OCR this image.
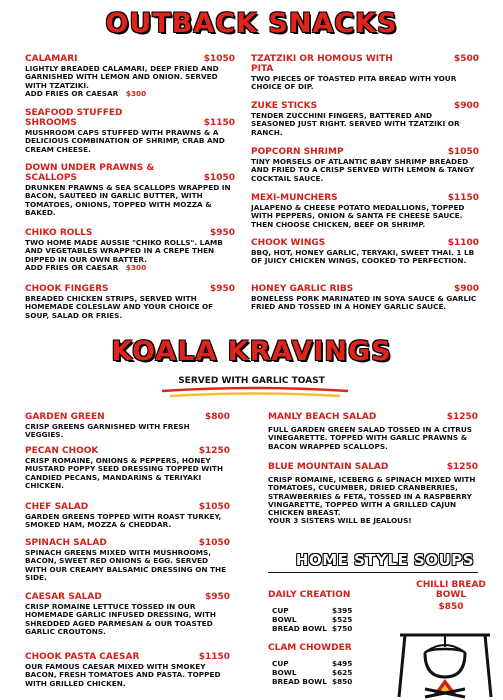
OUTBACK SNACKS
CALAMARI	$1050
LIGHTLY BREADED CALAMARI, DEEP FRIED AND GARNISHED WITH LEMON AND ONION. SERVED WITH TZATZIKI.
ADD FRIES OR CAESAR $300
SEAFOOD STUFFED SHROOMS	$1150
MUSHROOM CAPS STUFFED WITH PRAWNS & A DELICIOUS COMBINATION OF SHRIMP, CRAB AND CREAM CHEESE.
DOWN UNDER PRAWNS & SCALLOPS	$1050
DRUNKEN PRAWNS & SEA SCALLOPS WRAPPED IN BACON, SAUTEED IN GARLIC BUTTER, WITH TOMATOES, ONIONS, TOPPED WITH MOZZA & BAKED.
CHIKO ROLLS	$950
TWO HOME MADE AUSSIE "CHIKO ROLLS". LAMB AND VEGETABLES WRAPPED IN A CREPE THEN DIPPED IN OUR OWN BATTER.
ADD FRIES OR CAESAR $300
CHOOK FINGERS	$950
BREADED CHICKEN STRIPS, SERVED WITH HOMEMADE COLESLAW AND YOUR CHOICE OF SOUP, SALAD OR FRIES.
TZATZIKI OR HOMOUS WITH PITA
$500
TWO PIECES OF TOASTED PITA BREAD WITH YOUR CHOICE OF DIP.
ZUKE STICKS	$900
TENDER ZUCCHINI FINGERS, BATTERED AND SEASONED JUST RIGHT. SERVED WITH TZATZIKI OR RANCH.
POPCORN SHRIMP	$1050
TINY MORSELS OF ATLANTIC BABY SHRIMP BREADED AND FRIED TO A CRISP SERVED WITH LEMON & TANGY COCKTAIL SAUCE.
MEXI-MUNCHERS	$1150
JALAPENO & CHEESE POTATO MEDALLIONS, TOPPED WITH PEPPERS, ONION & SANTA FE CHEESE SAUCE. THEN CHOOSE CHICKEN, BEEF OR SHRIMP.
CHOOK WINGS	$1100
BBQ, HOT, HONEY GARLIC, TERYAKI, SWEET THAI. 1 LB OF JUICY CHICKEN WINGS, COOKED TO PERFECTION.
HONEY GARLIC RIBS	$900
BONELESS PORK MARINATED IN SOYA SAUCE & GARLIC FRIED AND TOSSED IN A HONEY GARLIC SAUCE.
KOALA KRAVINGS
SERVED WITH GARLIC TOAST
GARDEN GREEN	$800
CRISP GREENS GARNISHED WITH FRESH VEGGIES.
PECAN CHOOK	$1250
CRISP ROMAINE, ONIONS & PEPPERS, HONEY MUSTARD POPPY SEED DRESSING TOPPED WITH CANDIED PECANS, MANDARINS & TERIYAKI CHICKEN.
CHEF SALAD	$1050
GARDEN GREENS TOPPED WITH ROAST TURKEY, SMOKED HAM, MOZZA & CHEDDAR.
SPINACH SALAD	$1050
SPINACH GREENS MIXED WITH MUSHROOMS, BACON, SWEET RED ONIONS & EGG. SERVED WITH OUR CREAMY BALSAMIC DRESSING ON THE SIDE.
CAESAR SALAD	$950
CRISP ROMAINE LETTUCE TOSSED IN OUR HOMEMADE GARLIC INFUSED DRESSING, WITH SHREDDED AGED PARMESAN & OUR TOASTED GARLIC CROUTONS.
CHOOK PASTA CAESAR	$1150
OUR FAMOUS CAESAR MIXED WITH SMOKEY BACON, FRESH TOMATOES AND PASTA. TOPPED WITH GRILLED CHICKEN.
MANLY BEACH SALAD	$1250
FULL GARDEN GREEN SALAD TOSSED IN A CITRUS VINEGARETTE. TOPPED WITH GARLIC PRAWNS & BACON WRAPPED SCALLOPS.
BLUE MOUNTAIN SALAD	$1250
CRISP ROMAINE, ICEBERG & SPINACH MIXED WITH TOMATOES, CUCUMBER, DRIED CRANBERRIES, STRAWBERRIES & FETA, TOSSED IN A RASPBERRY VINGARETTE, TOPPED WITH A GRILLED CAJUN CHICKEN BREAST.
YOUR 3 SISTERS WILL BE JEALOUS!
HOME STYLE SOUPS
DAILY CREATION
CUP	$395
BOWL	$525
BREAD BOWL $750
CLAM CHOWDER
CUP	$495
BOWL	$625
BREAD BOWL $850
CHILLI BREAD BOWL
$850
